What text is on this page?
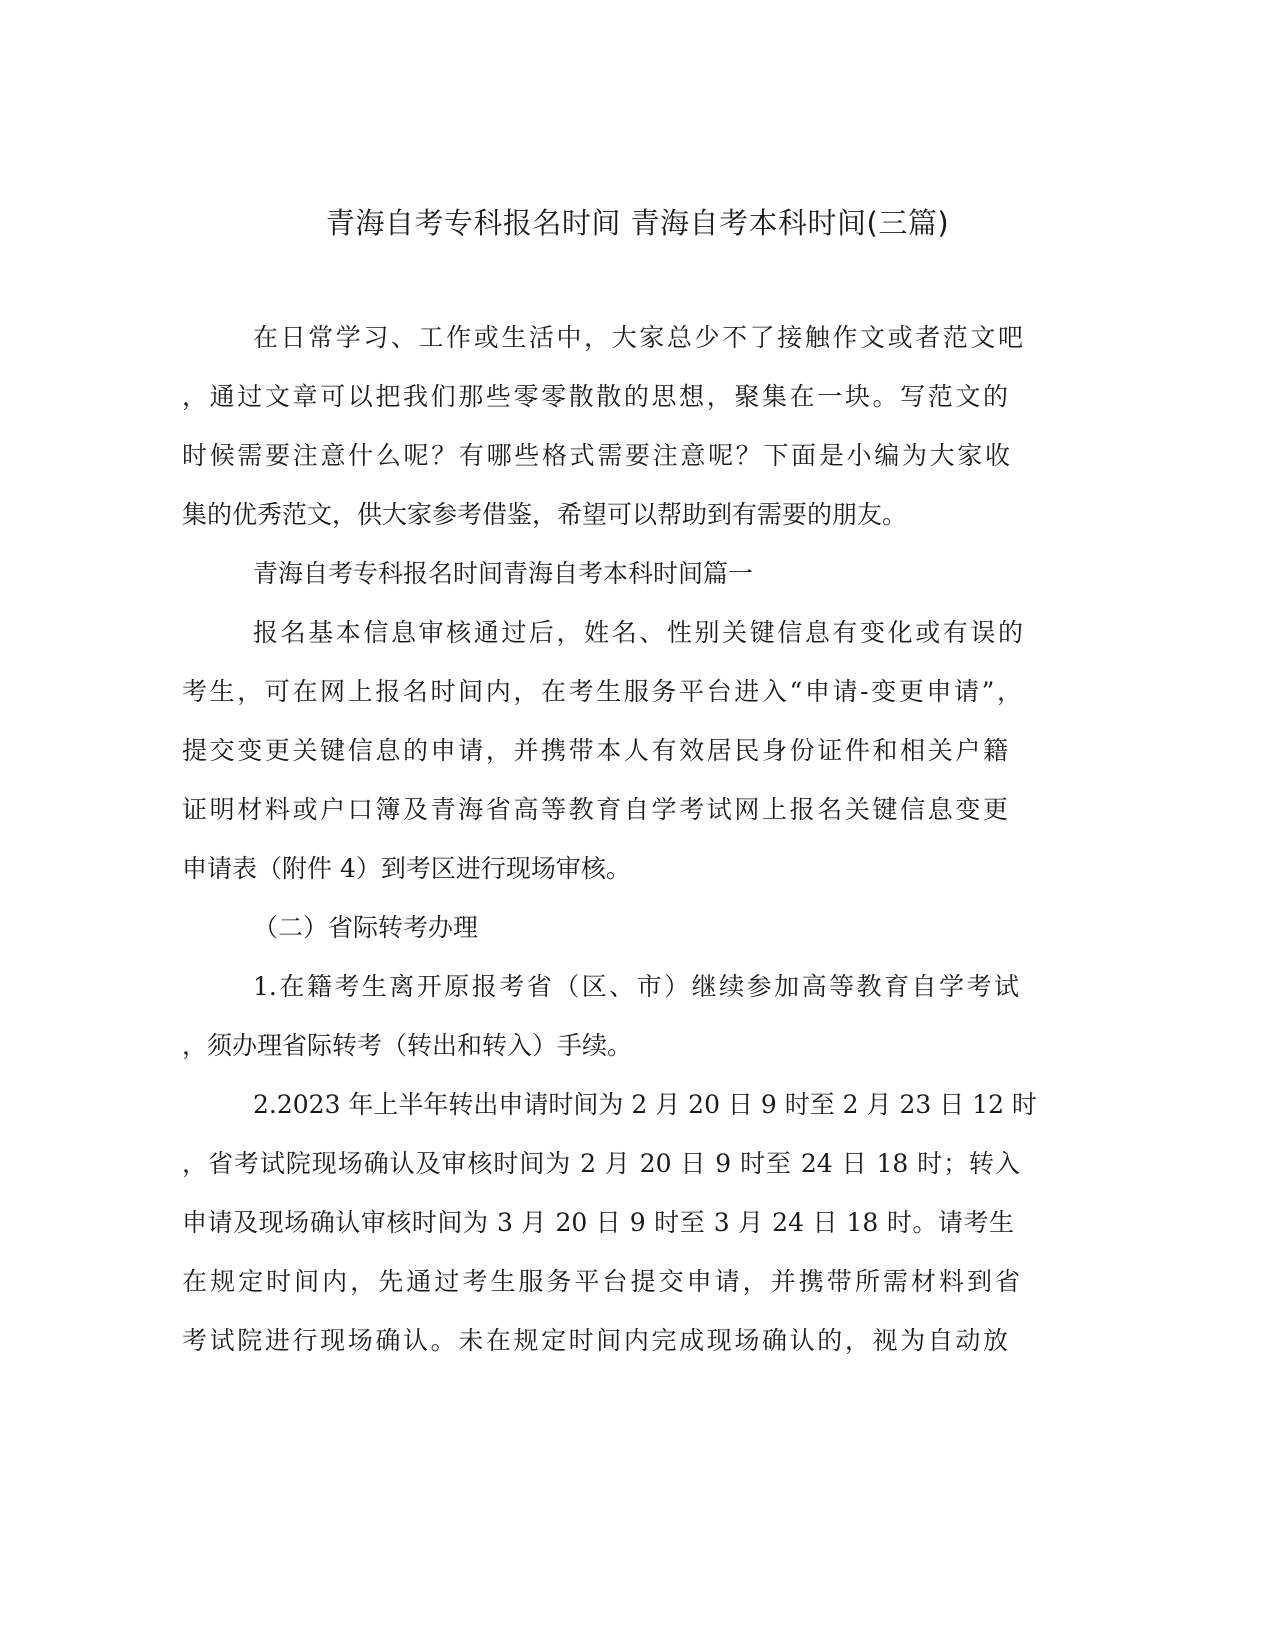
青海自考专科报名时间 青海自考本科时间(三篇)
在日常学习、工作或生活中，大家总少不了接触作文或者范文吧
，通过文章可以把我们那些零零散散的思想，聚集在一块。写范文的
时候需要注意什么呢？有哪些格式需要注意呢？下面是小编为大家收
集的优秀范文，供大家参考借鉴，希望可以帮助到有需要的朋友。
青海自考专科报名时间青海自考本科时间篇一
报名基本信息审核通过后，姓名、性别关键信息有变化或有误的
考生，可在网上报名时间内，在考生服务平台进入“申请-变更申请”，
提交变更关键信息的申请，并携带本人有效居民身份证件和相关户籍
证明材料或户口簿及青海省高等教育自学考试网上报名关键信息变更
申请表（附件 4）到考区进行现场审核。
（二）省际转考办理
1.在籍考生离开原报考省（区、市）继续参加高等教育自学考试
，须办理省际转考（转出和转入）手续。
2.2023 年上半年转出申请时间为 2 月 20 日 9 时至 2 月 23 日 12 时
，省考试院现场确认及审核时间为 2 月 20 日 9 时至 24 日 18 时；转入
申请及现场确认审核时间为 3 月 20 日 9 时至 3 月 24 日 18 时。请考生
在规定时间内，先通过考生服务平台提交申请，并携带所需材料到省
考试院进行现场确认。未在规定时间内完成现场确认的，视为自动放
